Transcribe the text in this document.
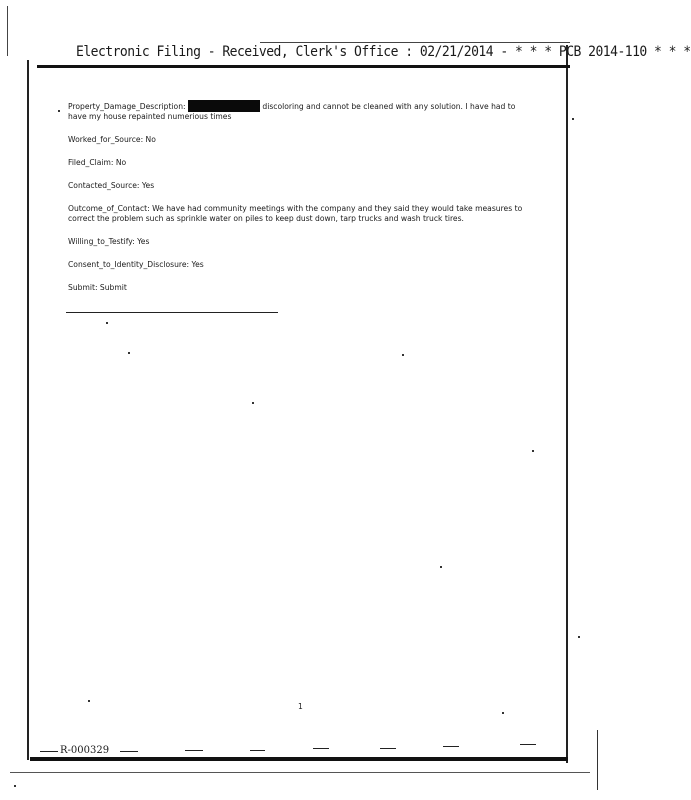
Electronic Filing - Received, Clerk's Office : 02/21/2014 - * * * PCB 2014-110 * * *
Property_Damage_Description:	discoloring and cannot be cleaned with any solution. I have had to have my house repainted numerious times
Worked_for_Source: No
Filed_Claim: No
Contacted_Source: Yes
Outcome_of_Contact: We have had community meetings with the company and they said they would take measures to correct the problem such as sprinkle water on piles to keep dust down, tarp trucks and wash truck tires.
Willing_to_Testify: Yes
Consent_to_Identity_Disclosure: Yes
Submit: Submit
1
R-000329
